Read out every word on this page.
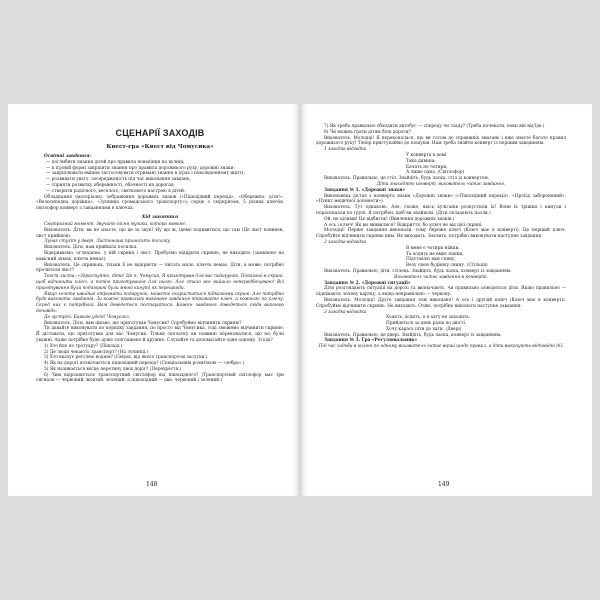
СЦЕНАРІЇ ЗАХОДІВ
Квест-гра «Квест від Чомусика»

Освітні завдання:

— поглибити знання дітей про правила поведінки на вулиці;

— в ігровій формі закріпити знання про правила дорожнього руху, дорожні знаки;

— закріплювати вміння застосовувати отримані знання в іграх і повсякденному житті;

— розвивати увагу, зосередженість під час виконання завдань;

— сприяти розвитку обережності, обачності на дорогах;

— створити радісного, веселого, святкового настрою в дітей.

Обладнання (матеріали): зображення дорожніх знаків («Пішохідний перехід», «Обережно, діти!», «Велосипедна доріжка», «Зупинка громадського транспорту»); серце з сюрпризом, 5 різних ключів, світлофор конверт з завданнями в ключах.

Хід заняття

Сюрпризний момент. Звучить пісня музики, котора мовкне.

Вихователь. Діти, ви не знаєте, що це за звук? Ну що ж, ідемо подивитися, що там (Це лист повинен, лист прийшов).

Лунає стукіт у двері. Листоноша приносить посилку.

Вихователь. Діти, нам прийшла посилка.

Відкриваємо, оглядаємо, у ній скриня і лист. Пробуємо відкрити скриню, не виходить (замкнено на навісний замок, ключа немає).

Вихователь. Це скринька, тільки її не відкриєти — писать мало, ключа немає. Діти, а може, потрібно прочитати лист?

Текст листа: «Здрастуйте, діти! Це я, Чомусик. Я приготував для вас подарунок. Показано в скрині, щоб відчинити ключ, а потім приготування для нього. Але стало все вийшло непередбачувано! Всі приготування були потіюрані були мною кинуті як перешкоди.

Якщо хочете швидше отримати подарунок, можете скористатися підказками скрині. Але потрібно буде виконати завдання. За кожне правильно виконане завдання отримаєте ключ, а кожного по ключу. Серед них є потрібний. Вам доведеться постаратися. Кожен завдання доведеться сюди виконаю доповідь.

До зустрічі. Бажаю удачі! Чомусик».

Вихователь. Діти, вам цікаво, що приготував Чомусик? Спробуймо відчинити скриню?

Ти давайте виконувати по порядку завдання, по просто від Чомусика, тоді зможемо відчинити скриню. Й діставати, що приготував для вас Чомусик. Тільки спочатку ви повинні переконатися, що всі були уважні. Адже потрібно буде дуже злагоджено й дружно. Слухайте та допомагайте одне одному. Згода?

1) Хто йде по тротуару? (Пішохід.)

2) Де люди чекають транспорт? (На зупинці.)

3) Хто вказує регулює водієм? (Свідок, від якого транспортом заслухи.)

4) Як на дорогі позначається пішохідний перехід? (Спеціальним розміткою — «зебрa».)

5) Як називається місце перетину двох доріг? (Перехрестя.)

6) Чим відрізняється транспортний світлофор від пішохідного? (Транспортний світлофор має три сигнали — червоний, жовтий, зелений, а пішохідний — два: червоний і зелений.)

148

7) Як треба правильно обходити автобус — спереду чи ззаду? (Треба почекати, поки він від'їде.)

8) Чи можна грати дітям біля дороги?

Вихователь. Молодці! Я переконалася, що ви готові до справжніх змагань і вже знаєте багато правил дорожнього руху! Тепер приступаймо до пошуків. Нам треба знайти конверт із першим завданням.

1 загадка-відгадка

У конверта в домі

Така дивина:

Бачать не чотири,

А лише одна. (Світлофор)

Вихователь. Правильно, це стіл. Знайдіть, будь ласка, стіл із конвертом.

Діти знаходять конверт, вихователь читає завдання.

Завдання № 1. «Дорожні знаки»

Виконавець дістає з конверта знаки «Дорожні знаки» («Пішохідний перехід», «Проїзд заборонений», «Пункт медичної допомоги»).

Вихователь. Тут однаково. Але, схоже, якісь хуліганів розпустили їх! Вони їх трішки і кинули і пораскидали по групі. Я потрібен, щоб ви знайшли. (Діти складають пазли.)

Ой, не цілими! Це відбиток! (Вивчення дорожніх знаків.)

А ось і ключ! Як ви виявилися? Відкриття, бо ключ не від цієї скрині.

Молодці! Перше завдання виконали, тому береже ключ (Ключ має в конверті). Це перший ключ. Спробуйте відчинити скриню ним. Не виходить. Значить, потрібно виконувати наступне завдання.

2 загадка-відгадка

В мене є чотири ніжки,

Та ходить не вмію пішки,

Підставлю вам спину,

Везу свою будинку снину. (Стільця)

Вихователь. Правильно, діти, стілець. Знайдіть, будь ласка, конверт із завданням.

Вихователь читає завдання в конверті.

Завдання № 2. «Дорожні ситуації»

Діти розглядають ситуації на дорозі та визначають, чи правильно поводяться діти. Якщо правильно — піднімають зелену картку, а якщо неправильно — червону.

Вихователь. Молодці! Друге завдання теж виконано! А ось і другий ключ (Ключ має в конверті). Спробуймо відчинити скриню. Не виходить. Отже, потрібно виконати наступне завдання.

3 загадка-відгадка

Ходить, ходить, а я хату не заходить.

Прийдеться за день разів по двісті,

Хочу карась піти до хати. (Двері)

Вихователь. Правильно, це двері. Знайдіть, будь ласка, конверт із завданням.

Завдання № 3. Гра «Регулювальник»

Під час ходьби в колоні по одному вихователь читає вірші щодо правил, а діти виконують відповідні дії.

149
